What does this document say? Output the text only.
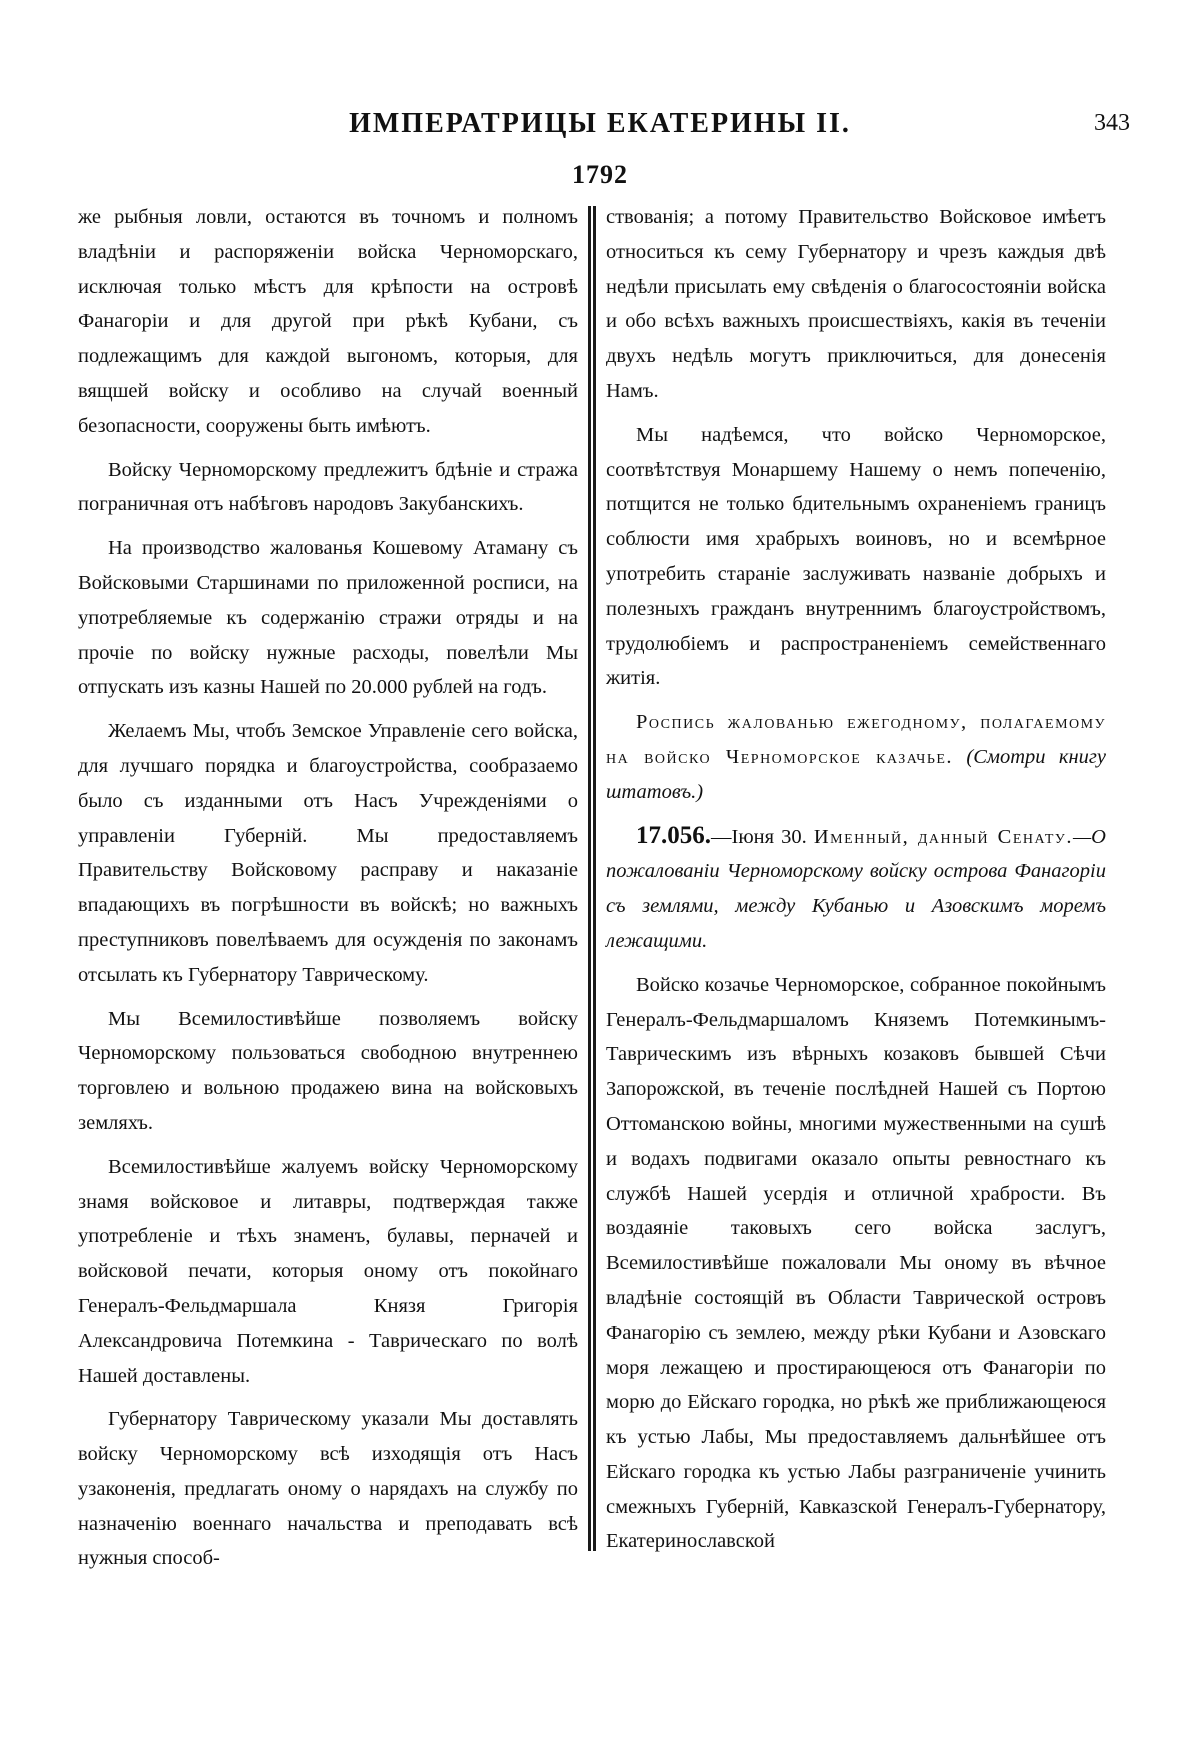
ИМПЕРАТРИЦЫ ЕКАТЕРИНЫ II.	343
1792

же рыбныя ловли, остаются въ точномъ и полномъ владѣніи и распоряженіи войска Черноморскаго, исключая только мѣстъ для крѣпости на островѣ Фанагоріи и для другой при рѣкѣ Кубани, съ подлежащимъ для каждой выгономъ, которыя, для вящшей войску и особливо на случай военный безопасности, сооружены быть имѣютъ.

Войску Черноморскому предлежитъ бдѣніе и стража пограничная отъ набѣговъ народовъ Закубанскихъ.

На производство жалованья Кошевому Атаману съ Войсковыми Старшинами по приложенной росписи, на употребляемые къ содержанію стражи отряды и на прочіе по войску нужные расходы, повелѣли Мы отпускать изъ казны Нашей по 20.000 рублей на годъ.

Желаемъ Мы, чтобъ Земское Управленіе сего войска, для лучшаго порядка и благоустройства, сообразаемо было съ изданными отъ Насъ Учрежденіями о управленіи Губерній. Мы предоставляемъ Правительству Войсковому расправу и наказаніе впадающихъ въ погрѣшности въ войскѣ; но важныхъ преступниковъ повелѣваемъ для осужденія по законамъ отсылать къ Губернатору Таврическому.

Мы Всемилостивѣйше позволяемъ войску Черноморскому пользоваться свободною внутреннею торговлею и вольною продажею вина на войсковыхъ земляхъ.

Всемилостивѣйше жалуемъ войску Черноморскому знамя войсковое и литавры, подтверждая также употребленіе и тѣхъ знаменъ, булавы, перначей и войсковой печати, которыя оному отъ покойнаго Генералъ-Фельдмаршала Князя Григорія Александровича Потемкина - Таврическаго по волѣ Нашей доставлены.

Губернатору Таврическому указали Мы доставлять войску Черноморскому всѣ изходящія отъ Насъ узаконенія, предлагать оному о нарядахъ на службу по назначенію военнаго начальства и преподавать всѣ нужныя способ-

ствованія; а потому Правительство Войсковое имѣетъ относиться къ сему Губернатору и чрезъ каждыя двѣ недѣли присылать ему свѣденія о благосостояніи войска и обо всѣхъ важныхъ происшествіяхъ, какія въ теченіи двухъ недѣль могутъ приключиться, для донесенія Намъ.

Мы надѣемся, что войско Черноморское, соотвѣтствуя Монаршему Нашему о немъ попеченію, потщится не только бдительнымъ охраненіемъ границъ соблюсти имя храбрыхъ воиновъ, но и всемѣрное употребить стараніе заслуживать названіе добрыхъ и полезныхъ гражданъ внутреннимъ благоустройствомъ, трудолюбіемъ и распространеніемъ семейственнаго житія.

Роспись жалованью ежегодному, полагаемому на войско Черноморское казачье. (Смотри книгу штатовъ.)

17.056.—Іюня 30. Именный, данный Сенату.—О пожалованіи Черноморскому войску острова Фанагоріи съ землями, между Кубанью и Азовскимъ моремъ лежащими.

Войско козачье Черноморское, собранное покойнымъ Генералъ-Фельдмаршаломъ Княземъ Потемкинымъ-Таврическимъ изъ вѣрныхъ козаковъ бывшей Сѣчи Запорожской, въ теченіе послѣдней Нашей съ Портою Оттоманскою войны, многими мужественными на сушѣ и водахъ подвигами оказало опыты ревностнаго къ службѣ Нашей усердія и отличной храбрости. Въ воздаяніе таковыхъ сего войска заслугъ, Всемилостивѣйше пожаловали Мы оному въ вѣчное владѣніе состоящій въ Области Таврической островъ Фанагорію съ землею, между рѣки Кубани и Азовскаго моря лежащею и простирающеюся отъ Фанагоріи по морю до Ейскаго городка, но рѣкѣ же приближающеюся къ устью Лабы, Мы предоставляемъ дальнѣйшее отъ Ейскаго городка къ устью Лабы разграниченіе учинить смежныхъ Губерній, Кавказской Генералъ-Губернатору, Екатеринославской
